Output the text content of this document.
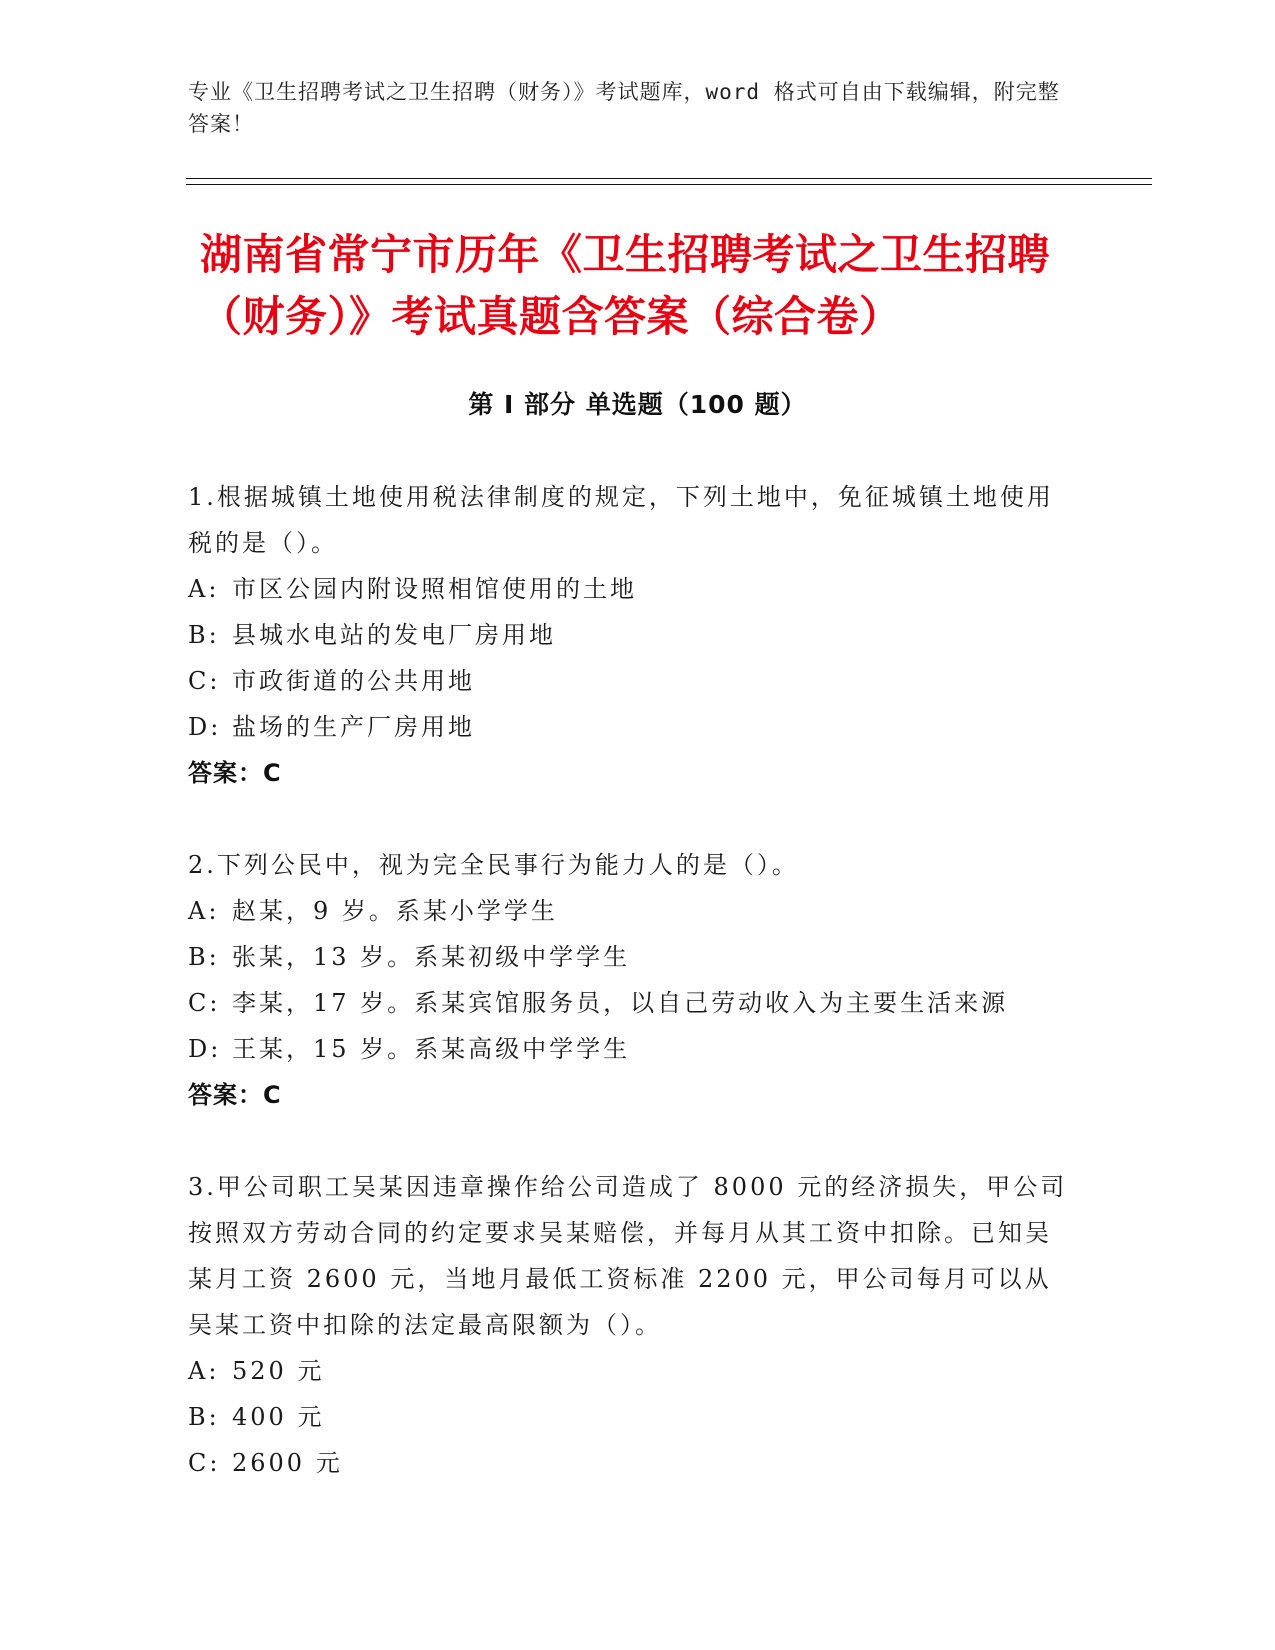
专业《卫生招聘考试之卫生招聘（财务）》考试题库，word 格式可自由下载编辑，附完整答案！
湖南省常宁市历年《卫生招聘考试之卫生招聘（财务）》考试真题含答案（综合卷）
第 I 部分 单选题（100 题）
1.根据城镇土地使用税法律制度的规定，下列土地中，免征城镇土地使用税的是（）。
A: 市区公园内附设照相馆使用的土地
B: 县城水电站的发电厂房用地
C: 市政街道的公共用地
D: 盐场的生产厂房用地
答案：C
2.下列公民中，视为完全民事行为能力人的是（）。
A: 赵某，9 岁。系某小学学生
B: 张某，13 岁。系某初级中学学生
C: 李某，17 岁。系某宾馆服务员，以自己劳动收入为主要生活来源
D: 王某，15 岁。系某高级中学学生
答案：C
3.甲公司职工吴某因违章操作给公司造成了 8000 元的经济损失，甲公司按照双方劳动合同的约定要求吴某赔偿，并每月从其工资中扣除。已知吴某月工资 2600 元，当地月最低工资标准 2200 元，甲公司每月可以从吴某工资中扣除的法定最高限额为（）。
A: 520 元
B: 400 元
C: 2600 元
